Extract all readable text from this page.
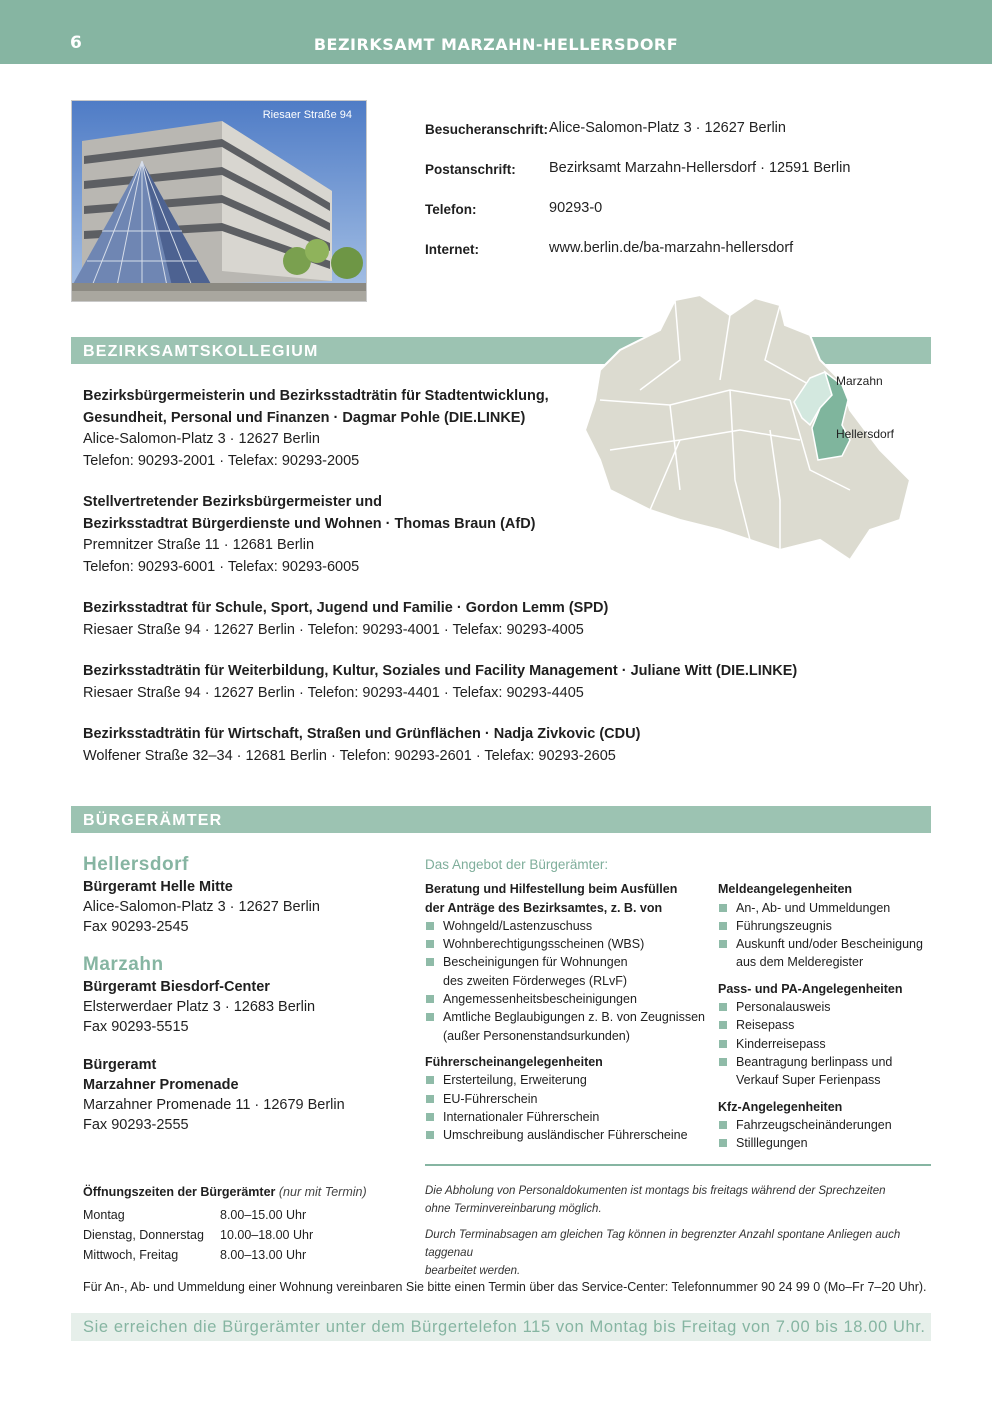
6	BEZIRKSAMT MARZAHN-HELLERSDORF
Riesaer Straße 94
Besucheranschrift: Alice-Salomon-Platz 3 · 12627 Berlin
Postanschrift:	Bezirksamt Marzahn-Hellersdorf · 12591 Berlin
Telefon:	90293-0
Internet:	www.berlin.de/ba-marzahn-hellersdorf
BEZIRKSAMTSKOLLEGIUM
Marzahn
Hellersdorf
Bezirksbürgermeisterin und Bezirksstadträtin für Stadtentwicklung,
Gesundheit, Personal und Finanzen · Dagmar Pohle (DIE.LINKE)
Alice-Salomon-Platz 3 · 12627 Berlin
Telefon: 90293-2001 · Telefax: 90293-2005
Stellvertretender Bezirksbürgermeister und
Bezirksstadtrat Bürgerdienste und Wohnen · Thomas Braun (AfD)
Premnitzer Straße 11 · 12681 Berlin
Telefon: 90293-6001 · Telefax: 90293-6005
Bezirksstadtrat für Schule, Sport, Jugend und Familie · Gordon Lemm (SPD)
Riesaer Straße 94 · 12627 Berlin · Telefon: 90293-4001 · Telefax: 90293-4005
Bezirksstadträtin für Weiterbildung, Kultur, Soziales und Facility Management · Juliane Witt (DIE.LINKE)
Riesaer Straße 94 · 12627 Berlin · Telefon: 90293-4401 · Telefax: 90293-4405
Bezirksstadträtin für Wirtschaft, Straßen und Grünflächen · Nadja Zivkovic (CDU)
Wolfener Straße 32–34 · 12681 Berlin · Telefon: 90293-2601 · Telefax: 90293-2605
BÜRGERÄMTER
Hellersdorf
Bürgeramt Helle Mitte
Alice-Salomon-Platz 3 · 12627 Berlin
Fax 90293-2545
Marzahn
Bürgeramt Biesdorf-Center
Elsterwerdaer Platz 3 · 12683 Berlin
Fax 90293-5515
Bürgeramt
Marzahner Promenade
Marzahner Promenade 11 · 12679 Berlin
Fax 90293-2555
Das Angebot der Bürgerämter:
Beratung und Hilfestellung beim Ausfüllen
der Anträge des Bezirksamtes, z. B. von
Wohngeld/Lastenzuschuss
Wohnberechtigungsscheinen (WBS)
Bescheinigungen für Wohnungen
des zweiten Förderweges (RLvF)
Angemessenheitsbescheinigungen
Amtliche Beglaubigungen z. B. von Zeugnissen
(außer Personenstandsurkunden)
Führerscheinangelegenheiten
Ersterteilung, Erweiterung
EU-Führerschein
Internationaler Führerschein
Umschreibung ausländischer Führerscheine
Meldeangelegenheiten
An-, Ab- und Ummeldungen
Führungszeugnis
Auskunft und/oder Bescheinigung
aus dem Melderegister
Pass- und PA-Angelegenheiten
Personalausweis
Reisepass
Kinderreisepass
Beantragung berlinpass und
Verkauf Super Ferienpass
Kfz-Angelegenheiten
Fahrzeugscheinänderungen
Stilllegungen
Öffnungszeiten der Bürgerämter (nur mit Termin)
Montag	8.00–15.00 Uhr
Dienstag, Donnerstag	10.00–18.00 Uhr
Mittwoch, Freitag	8.00–13.00 Uhr
Die Abholung von Personaldokumenten ist montags bis freitags während der Sprechzeiten
ohne Terminvereinbarung möglich.
Durch Terminabsagen am gleichen Tag können in begrenzter Anzahl spontane Anliegen auch taggenau
bearbeitet werden.
Für An-, Ab- und Ummeldung einer Wohnung vereinbaren Sie bitte einen Termin über das Service-Center: Telefonnummer 90 24 99 0 (Mo–Fr 7–20 Uhr).
Sie erreichen die Bürgerämter unter dem Bürgertelefon 115 von Montag bis Freitag von 7.00 bis 18.00 Uhr.
